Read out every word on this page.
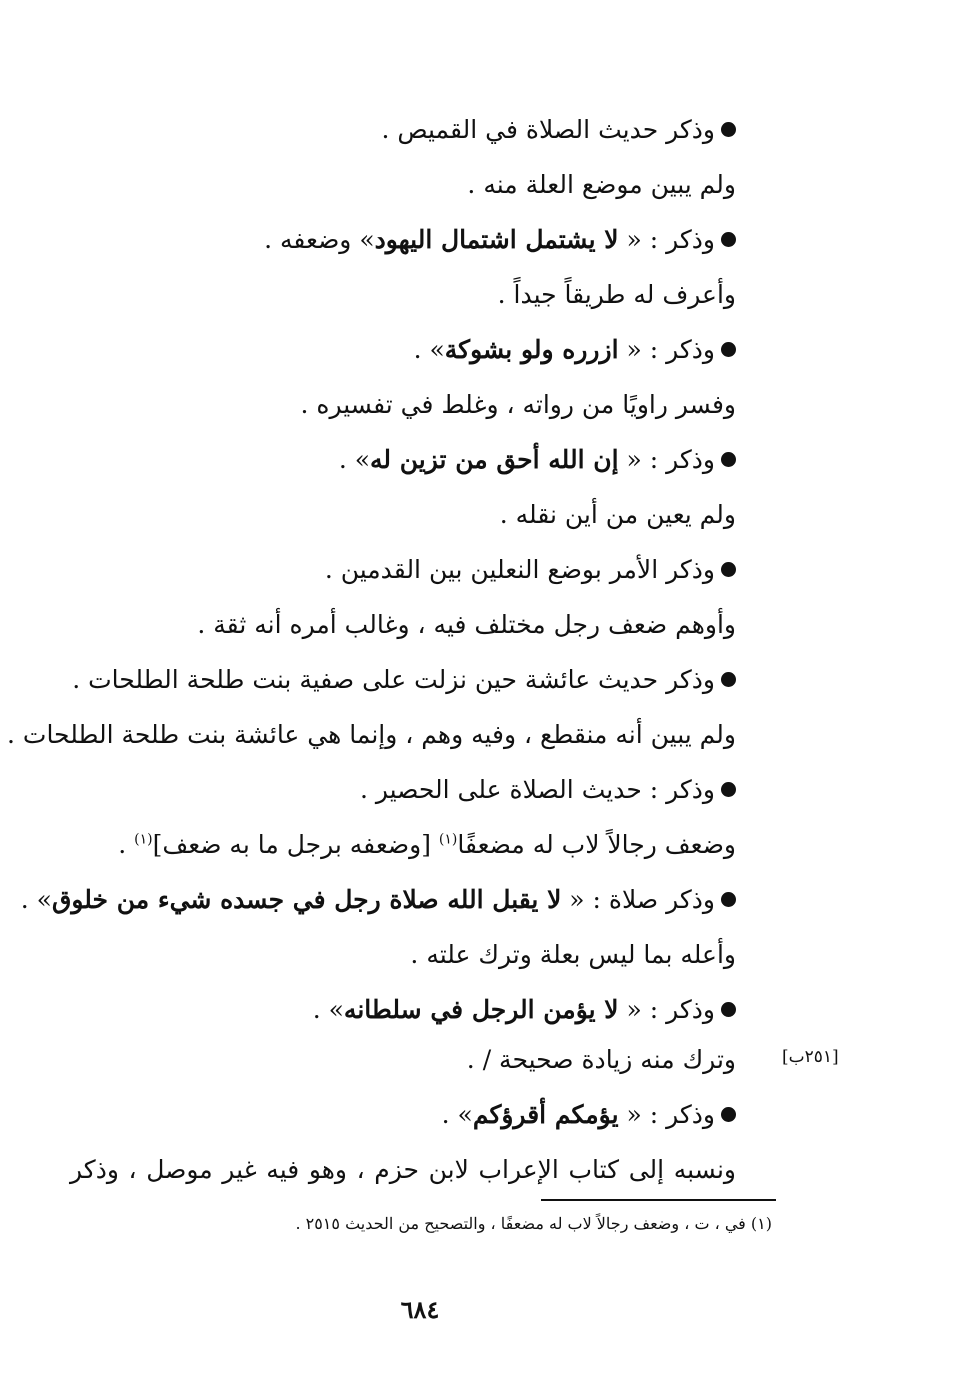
وذكر حديث الصلاة في القميص .
ولم يبين موضع العلة منه .
وذكر : « لا يشتمل اشتمال اليهود» وضعفه .
وأعرف له طريقاً جيداً .
وذكر : « ازرره ولو بشوكة» .
وفسر راويًا من رواته ، وغلط في تفسيره .
وذكر : « إن الله أحق من تزين له» .
ولم يعين من أين نقله .
وذكر الأمر بوضع النعلين بين القدمين .
وأوهم ضعف رجل مختلف فيه ، وغالب أمره أنه ثقة .
وذكر حديث عائشة حين نزلت على صفية بنت طلحة الطلحات .
ولم يبين أنه منقطع ، وفيه وهم ، وإنما هي عائشة بنت طلحة الطلحات .
وذكر : حديث الصلاة على الحصير .
وضعف رجالاً لاب له مضعفًا$^{(١)}$ [وضعفه برجل ما به ضعف]$^{(١)}$ .
وذكر صلاة : « لا يقبل الله صلاة رجل في جسده شيء من خلوق» .
وأعله بما ليس بعلة وترك علته .
وذكر : « لا يؤمن الرجل في سلطانه» .
وترك منه زيادة صحيحة / .	[٢٥١ب]
وذكر : « يؤمكم أقرؤكم» .
ونسبه إلى كتاب الإعراب لابن حزم ، وهو فيه غير موصل ، وذكر
(١) في ، ت ، وضعف رجالاً لاب له مضعفًا ، والتصحيح من الحديث ٢٥١٥ .
٦٨٤
